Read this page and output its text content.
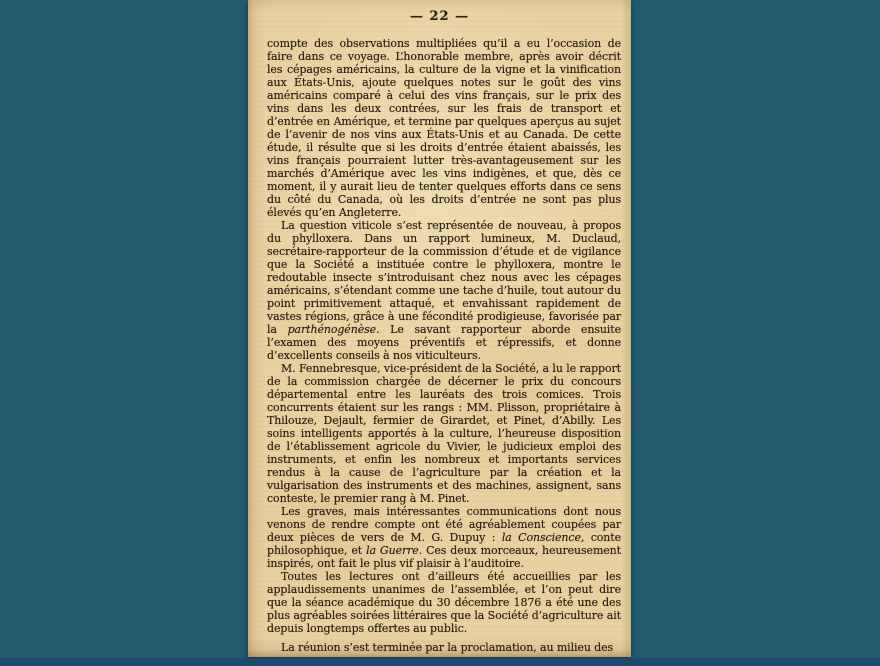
— 22 —

compte des observations multipliées qu’il a eu l’occasion de faire dans ce voyage. L’honorable membre, après avoir décrit les cépages américains, la culture de la vigne et la vinification aux États-Unis, ajoute quelques notes sur le goût des vins américains comparé à celui des vins français, sur le prix des vins dans les deux contrées, sur les frais de transport et d’entrée en Amérique, et termine par quelques aperçus au sujet de l’avenir de nos vins aux États-Unis et au Canada. De cette étude, il résulte que si les droits d’entrée étaient abaissés, les vins français pourraient lutter très-avantageusement sur les marchés d’Amérique avec les vins indigènes, et que, dès ce moment, il y aurait lieu de tenter quelques efforts dans ce sens du côté du Canada, où les droits d’entrée ne sont pas plus élevés qu’en Angleterre.

La question viticole s’est représentée de nouveau, à propos du phylloxera. Dans un rapport lumineux, M. Duclaud, secrétaire-rapporteur de la commission d’étude et de vigilance que la Société a instituée contre le phylloxera, montre le redoutable insecte s’introduisant chez nous avec les cépages américains, s’étendant comme une tache d’huile, tout autour du point primitivement attaqué, et envahissant rapidement de vastes régions, grâce à une fécondité prodigieuse, favorisée par la parthénogénèse. Le savant rapporteur aborde ensuite l’examen des moyens préventifs et répressifs, et donne d’excellents conseils à nos viticulteurs.

M. Fennebresque, vice-président de la Société, a lu le rapport de la commission chargée de décerner le prix du concours départemental entre les lauréats des trois comices. Trois concurrents étaient sur les rangs : MM. Plisson, propriétaire à Thilouze, Dejault, fermier de Girardet, et Pinet, d’Abilly. Les soins intelligents apportés à la culture, l’heureuse disposition de l’établissement agricole du Vivier, le judicieux emploi des instruments, et enfin les nombreux et importants services rendus à la cause de l’agriculture par la création et la vulgarisation des instruments et des machines, assignent, sans conteste, le premier rang à M. Pinet.

Les graves, mais intéressantes communications dont nous venons de rendre compte ont été agréablement coupées par deux pièces de vers de M. G. Dupuy : la Conscience, conte philosophique, et la Guerre. Ces deux morceaux, heureusement inspirés, ont fait le plus vif plaisir à l’auditoire.

Toutes les lectures ont d’ailleurs été accueillies par les applaudissements unanimes de l’assemblée, et l’on peut dire que la séance académique du 30 décembre 1876 a été une des plus agréables soirées littéraires que la Société d’agriculture ait depuis longtemps offertes au public.

La réunion s’est terminée par la proclamation, au milieu des
